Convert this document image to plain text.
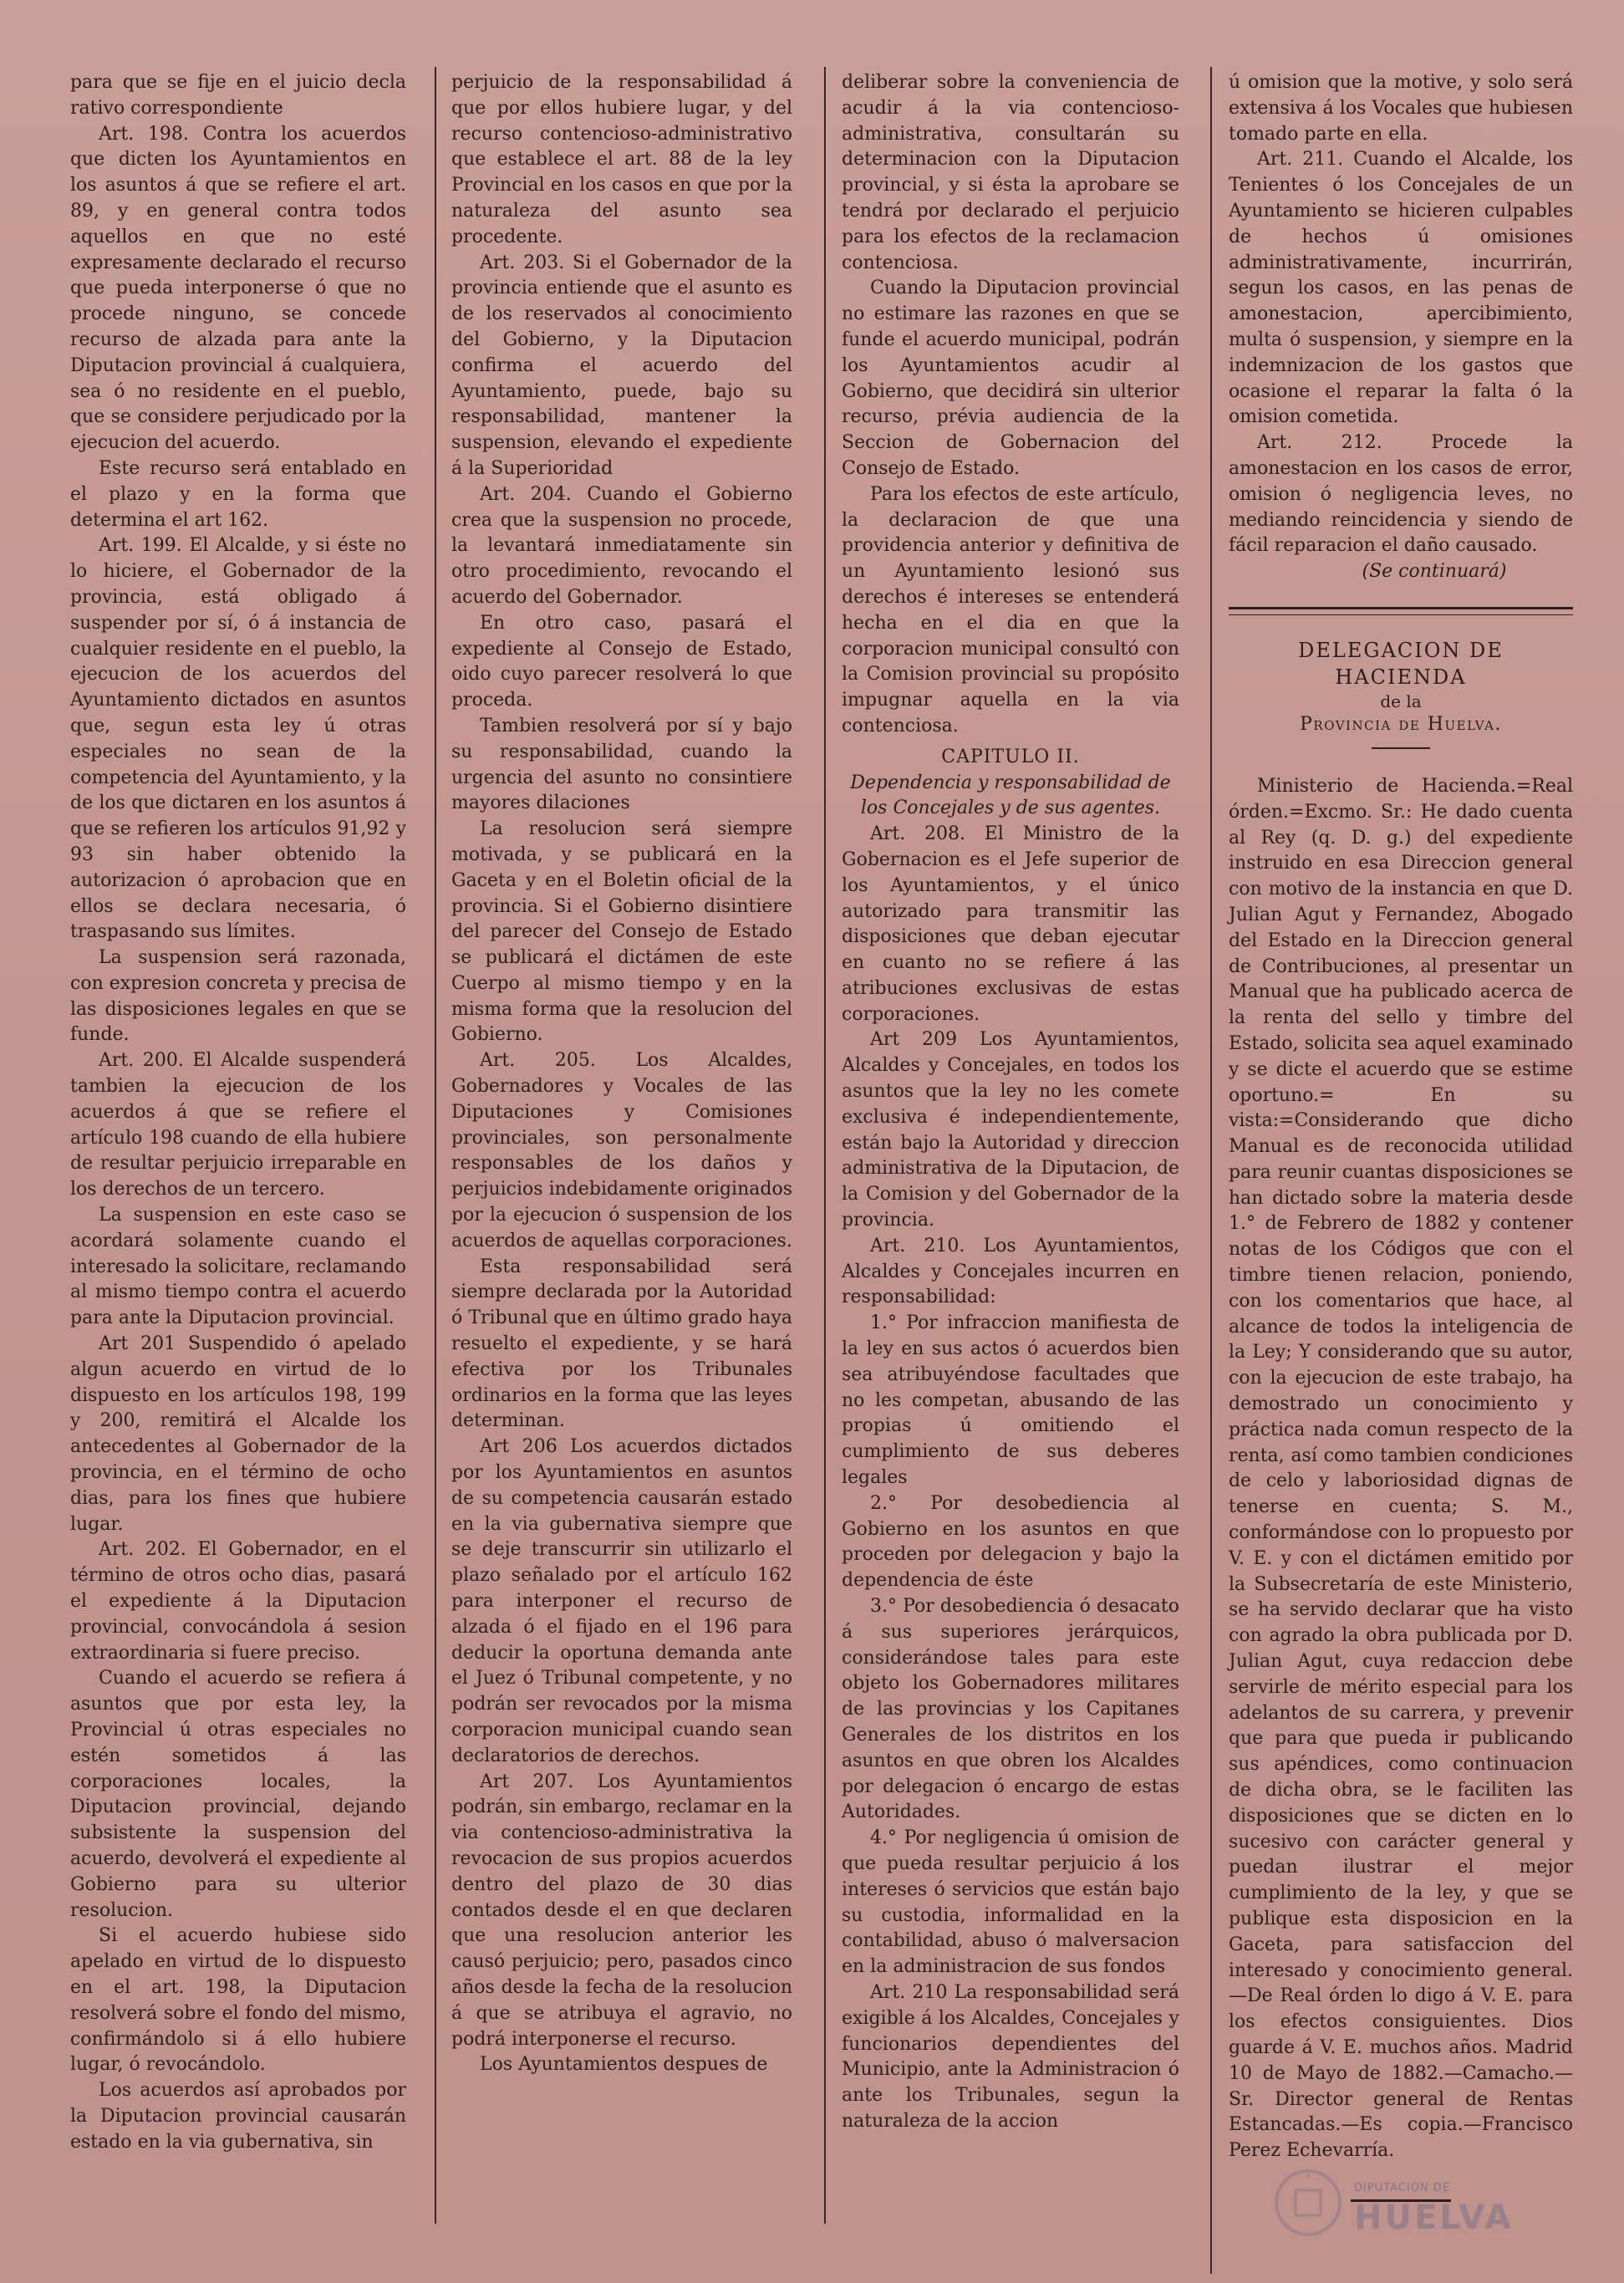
para que se fije en el juicio decla rativo correspondiente

Art. 198. Contra los acuerdos que dicten los Ayuntamientos en los asuntos á que se refiere el art. 89, y en general contra todos aquellos en que no esté expresamente declarado el recurso que pueda interponerse ó que no procede ninguno, se concede recurso de alzada para ante la Diputacion provincial á cualquiera, sea ó no residente en el pueblo, que se considere perjudicado por la ejecucion del acuerdo.

Este recurso será entablado en el plazo y en la forma que determina el art 162.

Art. 199. El Alcalde, y si éste no lo hiciere, el Gobernador de la provincia, está obligado á suspender por sí, ó á instancia de cualquier residente en el pueblo, la ejecucion de los acuerdos del Ayuntamiento dictados en asuntos que, segun esta ley ú otras especiales no sean de la competencia del Ayuntamiento, y la de los que dictaren en los asuntos á que se refieren los artículos 91,92 y 93 sin haber obtenido la autorizacion ó aprobacion que en ellos se declara necesaria, ó traspasando sus límites.

La suspension será razonada, con expresion concreta y precisa de las disposiciones legales en que se funde.

Art. 200. El Alcalde suspenderá tambien la ejecucion de los acuerdos á que se refiere el artículo 198 cuando de ella hubiere de resultar perjuicio irreparable en los derechos de un tercero.

La suspension en este caso se acordará solamente cuando el interesado la solicitare, reclamando al mismo tiempo contra el acuerdo para ante la Diputacion provincial.

Art 201 Suspendido ó apelado algun acuerdo en virtud de lo dispuesto en los artículos 198, 199 y 200, remitirá el Alcalde los antecedentes al Gobernador de la provincia, en el término de ocho dias, para los fines que hubiere lugar.

Art. 202. El Gobernador, en el término de otros ocho dias, pasará el expediente á la Diputacion provincial, convocándola á sesion extraordinaria si fuere preciso.

Cuando el acuerdo se refiera á asuntos que por esta ley, la Provincial ú otras especiales no estén sometidos á las corporaciones locales, la Diputacion provincial, dejando subsistente la suspension del acuerdo, devolverá el expediente al Gobierno para su ulterior resolucion.

Si el acuerdo hubiese sido apelado en virtud de lo dispuesto en el art. 198, la Diputacion resolverá sobre el fondo del mismo, confirmándolo si á ello hubiere lugar, ó revocándolo.

Los acuerdos así aprobados por la Diputacion provincial causarán estado en la via gubernativa, sin

perjuicio de la responsabilidad á que por ellos hubiere lugar, y del recurso contencioso-administrativo que establece el art. 88 de la ley Provincial en los casos en que por la naturaleza del asunto sea procedente.

Art. 203. Si el Gobernador de la provincia entiende que el asunto es de los reservados al conocimiento del Gobierno, y la Diputacion confirma el acuerdo del Ayuntamiento, puede, bajo su responsabilidad, mantener la suspension, elevando el expediente á la Superioridad

Art. 204. Cuando el Gobierno crea que la suspension no procede, la levantará inmediatamente sin otro procedimiento, revocando el acuerdo del Gobernador.

En otro caso, pasará el expediente al Consejo de Estado, oido cuyo parecer resolverá lo que proceda.

Tambien resolverá por sí y bajo su responsabilidad, cuando la urgencia del asunto no consintiere mayores dilaciones

La resolucion será siempre motivada, y se publicará en la Gaceta y en el Boletin oficial de la provincia. Si el Gobierno disintiere del parecer del Consejo de Estado se publicará el dictámen de este Cuerpo al mismo tiempo y en la misma forma que la resolucion del Gobierno.

Art. 205. Los Alcaldes, Gobernadores y Vocales de las Diputaciones y Comisiones provinciales, son personalmente responsables de los daños y perjuicios indebidamente originados por la ejecucion ó suspension de los acuerdos de aquellas corporaciones.

Esta responsabilidad será siempre declarada por la Autoridad ó Tribunal que en último grado haya resuelto el expediente, y se hará efectiva por los Tribunales ordinarios en la forma que las leyes determinan.

Art 206 Los acuerdos dictados por los Ayuntamientos en asuntos de su competencia causarán estado en la via gubernativa siempre que se deje transcurrir sin utilizarlo el plazo señalado por el artículo 162 para interponer el recurso de alzada ó el fijado en el 196 para deducir la oportuna demanda ante el Juez ó Tribunal competente, y no podrán ser revocados por la misma corporacion municipal cuando sean declaratorios de derechos.

Art 207. Los Ayuntamientos podrán, sin embargo, reclamar en la via contencioso-administrativa la revocacion de sus propios acuerdos dentro del plazo de 30 dias contados desde el en que declaren que una resolucion anterior les causó perjuicio; pero, pasados cinco años desde la fecha de la resolucion á que se atribuya el agravio, no podrá interponerse el recurso.

Los Ayuntamientos despues de

deliberar sobre la conveniencia de acudir á la via contencioso-administrativa, consultarán su determinacion con la Diputacion provincial, y si ésta la aprobare se tendrá por declarado el perjuicio para los efectos de la reclamacion contenciosa.

Cuando la Diputacion provincial no estimare las razones en que se funde el acuerdo municipal, podrán los Ayuntamientos acudir al Gobierno, que decidirá sin ulterior recurso, prévia audiencia de la Seccion de Gobernacion del Consejo de Estado.

Para los efectos de este artículo, la declaracion de que una providencia anterior y definitiva de un Ayuntamiento lesionó sus derechos é intereses se entenderá hecha en el dia en que la corporacion municipal consultó con la Comision provincial su propósito impugnar aquella en la via contenciosa.

CAPITULO II.
Dependencia y responsabilidad de los Concejales y de sus agentes.

Art. 208. El Ministro de la Gobernacion es el Jefe superior de los Ayuntamientos, y el único autorizado para transmitir las disposiciones que deban ejecutar en cuanto no se refiere á las atribuciones exclusivas de estas corporaciones.

Art 209 Los Ayuntamientos, Alcaldes y Concejales, en todos los asuntos que la ley no les comete exclusiva é independientemente, están bajo la Autoridad y direccion administrativa de la Diputacion, de la Comision y del Gobernador de la provincia.

Art. 210. Los Ayuntamientos, Alcaldes y Concejales incurren en responsabilidad:

1.° Por infraccion manifiesta de la ley en sus actos ó acuerdos bien sea atribuyéndose facultades que no les competan, abusando de las propias ú omitiendo el cumplimiento de sus deberes legales

2.° Por desobediencia al Gobierno en los asuntos en que proceden por delegacion y bajo la dependencia de éste

3.° Por desobediencia ó desacato á sus superiores jerárquicos, considerándose tales para este objeto los Gobernadores militares de las provincias y los Capitanes Generales de los distritos en los asuntos en que obren los Alcaldes por delegacion ó encargo de estas Autoridades.

4.° Por negligencia ú omision de que pueda resultar perjuicio á los intereses ó servicios que están bajo su custodia, informalidad en la contabilidad, abuso ó malversacion en la administracion de sus fondos

Art. 210 La responsabilidad será exigible á los Alcaldes, Concejales y funcionarios dependientes del Municipio, ante la Administracion ó ante los Tribunales, segun la naturaleza de la accion

ú omision que la motive, y solo será extensiva á los Vocales que hubiesen tomado parte en ella.

Art. 211. Cuando el Alcalde, los Tenientes ó los Concejales de un Ayuntamiento se hicieren culpables de hechos ú omisiones administrativamente, incurrirán, segun los casos, en las penas de amonestacion, apercibimiento, multa ó suspension, y siempre en la indemnizacion de los gastos que ocasione el reparar la falta ó la omision cometida.

Art. 212. Procede la amonestacion en los casos de error, omision ó negligencia leves, no mediando reincidencia y siendo de fácil reparacion el daño causado.

(Se continuará)
DELEGACION DE HACIENDA
de la
Provincia de Huelva.

Ministerio de Hacienda.=Real órden.=Excmo. Sr.: He dado cuenta al Rey (q. D. g.) del expediente instruido en esa Direccion general con motivo de la instancia en que D. Julian Agut y Fernandez, Abogado del Estado en la Direccion general de Contribuciones, al presentar un Manual que ha publicado acerca de la renta del sello y timbre del Estado, solicita sea aquel examinado y se dicte el acuerdo que se estime oportuno.= En su vista:=Considerando que dicho Manual es de reconocida utilidad para reunir cuantas disposiciones se han dictado sobre la materia desde 1.° de Febrero de 1882 y contener notas de los Códigos que con el timbre tienen relacion, poniendo, con los comentarios que hace, al alcance de todos la inteligencia de la Ley; Y considerando que su autor, con la ejecucion de este trabajo, ha demostrado un conocimiento y práctica nada comun respecto de la renta, así como tambien condiciones de celo y laboriosidad dignas de tenerse en cuenta; S. M., conformándose con lo propuesto por V. E. y con el dictámen emitido por la Subsecretaría de este Ministerio, se ha servido declarar que ha visto con agrado la obra publicada por D. Julian Agut, cuya redaccion debe servirle de mérito especial para los adelantos de su carrera, y prevenir que para que pueda ir publicando sus apéndices, como continuacion de dicha obra, se le faciliten las disposiciones que se dicten en lo sucesivo con carácter general y puedan ilustrar el mejor cumplimiento de la ley, y que se publique esta disposicion en la Gaceta, para satisfaccion del interesado y conocimiento general.—De Real órden lo digo á V. E. para los efectos consiguientes. Dios guarde á V. E. muchos años. Madrid 10 de Mayo de 1882.—Camacho.—Sr. Director general de Rentas Estancadas.—Es copia.—Francisco Perez Echevarría.

DIPUTACIÓN DE
HUELVA
